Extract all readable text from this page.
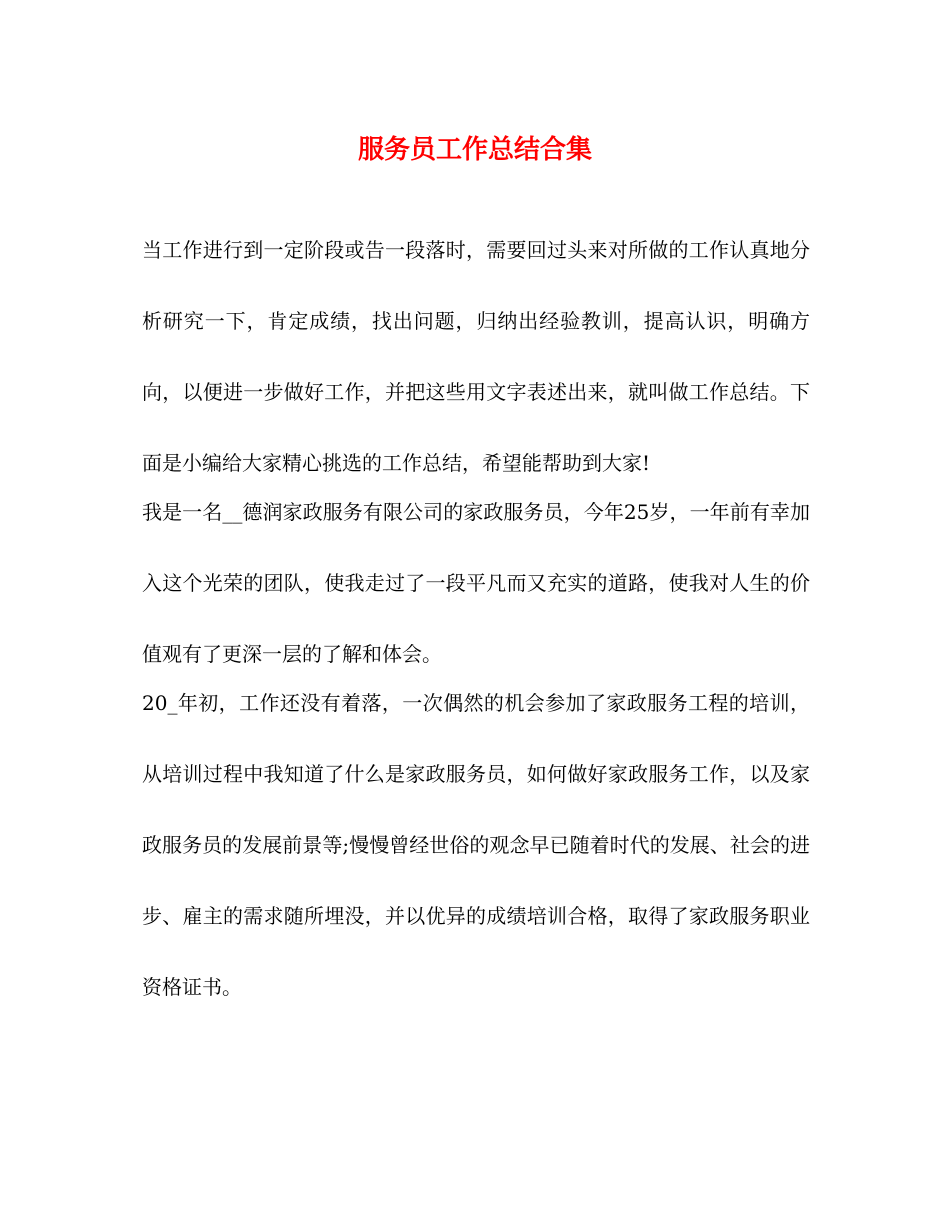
服务员工作总结合集

当工作进行到一定阶段或告一段落时，需要回过头来对所做的工作认真地分析研究一下，肯定成绩，找出问题，归纳出经验教训，提高认识，明确方向，以便进一步做好工作，并把这些用文字表述出来，就叫做工作总结。下面是小编给大家精心挑选的工作总结，希望能帮助到大家!

我是一名__德润家政服务有限公司的家政服务员，今年25岁，一年前有幸加入这个光荣的团队，使我走过了一段平凡而又充实的道路，使我对人生的价值观有了更深一层的了解和体会。

20_年初，工作还没有着落，一次偶然的机会参加了家政服务工程的培训，从培训过程中我知道了什么是家政服务员，如何做好家政服务工作，以及家政服务员的发展前景等;慢慢曾经世俗的观念早已随着时代的发展、社会的进步、雇主的需求随所埋没，并以优异的成绩培训合格，取得了家政服务职业资格证书。
